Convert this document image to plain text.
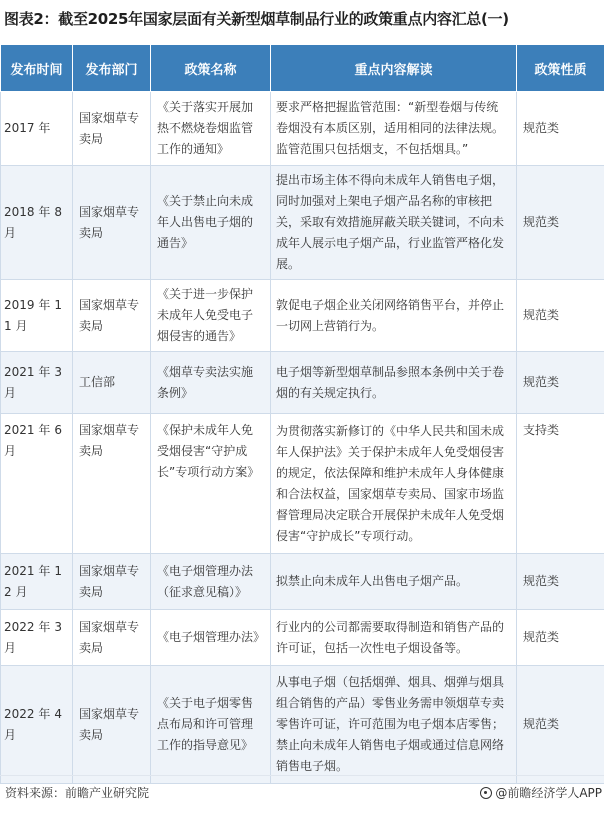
图表2：截至2025年国家层面有关新型烟草制品行业的政策重点内容汇总(一)
发布时间	发布部门	政策名称	重点内容解读	政策性质
2017 年	国家烟草专卖局	《关于落实开展加热不燃烧卷烟监管工作的通知》	要求严格把握监管范围：“新型卷烟与传统卷烟没有本质区别，适用相同的法律法规。监管范围只包括烟支，不包括烟具。”	规范类
2018 年 8 月	国家烟草专卖局	《关于禁止向未成年人出售电子烟的通告》	提出市场主体不得向未成年人销售电子烟，同时加强对上架电子烟产品名称的审核把关，采取有效措施屏蔽关联关键词，不向未成年人展示电子烟产品，行业监管严格化发展。	规范类
2019 年 11 月	国家烟草专卖局	《关于进一步保护未成年人免受电子烟侵害的通告》	敦促电子烟企业关闭网络销售平台，并停止一切网上营销行为。	规范类
2021 年 3 月	工信部	《烟草专卖法实施条例》	电子烟等新型烟草制品参照本条例中关于卷烟的有关规定执行。	规范类
2021 年 6 月	国家烟草专卖局	《保护未成年人免受烟侵害“守护成长”专项行动方案》	为贯彻落实新修订的《中华人民共和国未成年人保护法》关于保护未成年人免受烟侵害的规定，依法保障和维护未成年人身体健康和合法权益，国家烟草专卖局、国家市场监督管理局决定联合开展保护未成年人免受烟侵害“守护成长”专项行动。	支持类
2021 年 12 月	国家烟草专卖局	《电子烟管理办法（征求意见稿）》	拟禁止向未成年人出售电子烟产品。	规范类
2022 年 3 月	国家烟草专卖局	《电子烟管理办法》	行业内的公司都需要取得制造和销售产品的许可证，包括一次性电子烟设备等。	规范类
2022 年 4 月	国家烟草专卖局	《关于电子烟零售点布局和许可管理工作的指导意见》	从事电子烟（包括烟弹、烟具、烟弹与烟具组合销售的产品）零售业务需申领烟草专卖零售许可证，许可范围为电子烟本店零售；禁止向未成年人销售电子烟或通过信息网络销售电子烟。	规范类
资料来源：前瞻产业研究院	@前瞻经济学人APP
